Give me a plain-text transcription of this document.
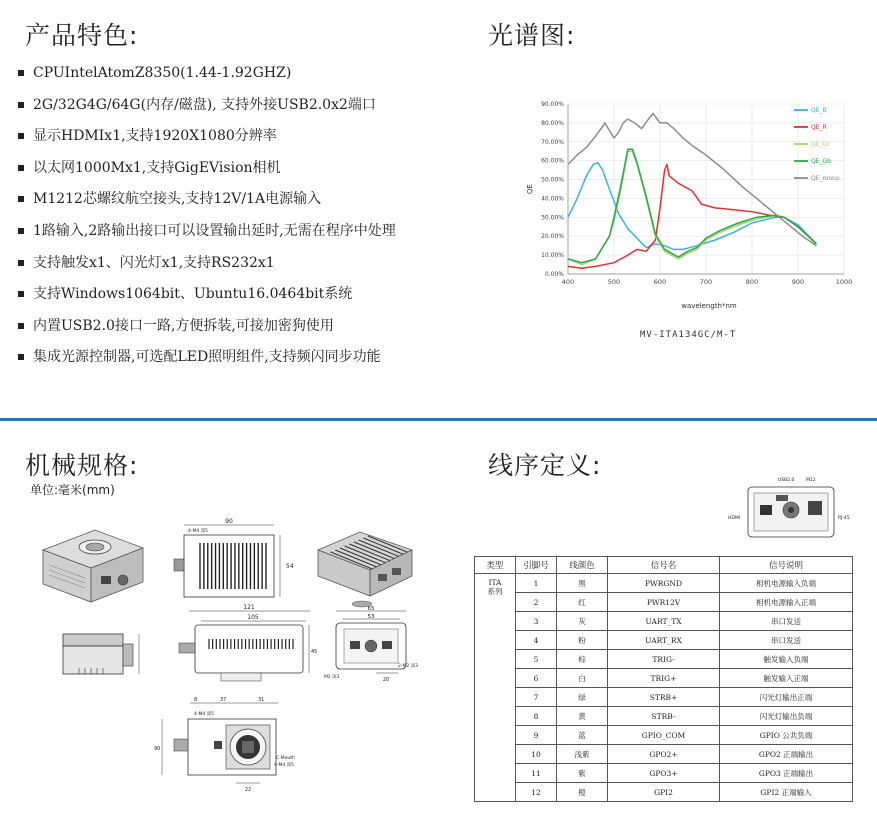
产品特色:	光谱图:
CPUIntelAtomZ8350(1.44-1.92GHZ)
2G/32G4G/64G(内存/磁盘), 支持外接USB2.0x2端口
显示HDMIx1,支持1920X1080分辨率
以太网1000Mx1,支持GigEVision相机
M1212芯螺纹航空接头,支持12V/1A电源输入
1路输入,2路输出接口可以设置输出延时,无需在程序中处理
支持触发x1、闪光灯x1,支持RS232x1
支持Windows1064bit、Ubuntu16.0464bit系统
内置USB2.0接口一路,方便拆装,可接加密狗使用
集成光源控制器,可选配LED照明组件,支持频闪同步功能
0.00%
10.00%
20.00%
30.00%
40.00%
50.00%
60.00%
70.00%
80.00%
90.00%
400	500	600	700	800	900	1000
QE_B
QE_R
QE_Gr
QE_Gb
QE_mono
wavelength*nm
QE
MV-ITA134GC/M-T
机械规格:
单位:毫米(mm)
线序定义:
90
4-M4 深5
54
121
105
45
65
53
20
M2 深3
2-M2 深3
8	37	31
4-M4 深5
90
22
C-Mouth
4-M4 深5
USB2.0	M12
HDMI	RJ-45
类型	引脚号	线颜色	信号名	信号说明
ITA
系列	1	黑	PWRGND	相机电源输入负端
	2	红	PWR12V	相机电源输入正端
	3	灰	UART_TX	串口发送
	4	粉	UART_RX	串口发送
	5	棕	TRIG-	触发输入负端
	6	白	TRIG+	触发输入正端
	7	绿	STRB+	闪光灯输出正端
	8	黄	STRB-	闪光灯输出负端
	9	蓝	GPIO_COM	GPIO 公共负端
	10	浅紫	GPO2+	GPO2 正端输出
	11	紫	GPO3+	GPO3 正端输出
	12	橙	GPI2	GPI2 正端输入
